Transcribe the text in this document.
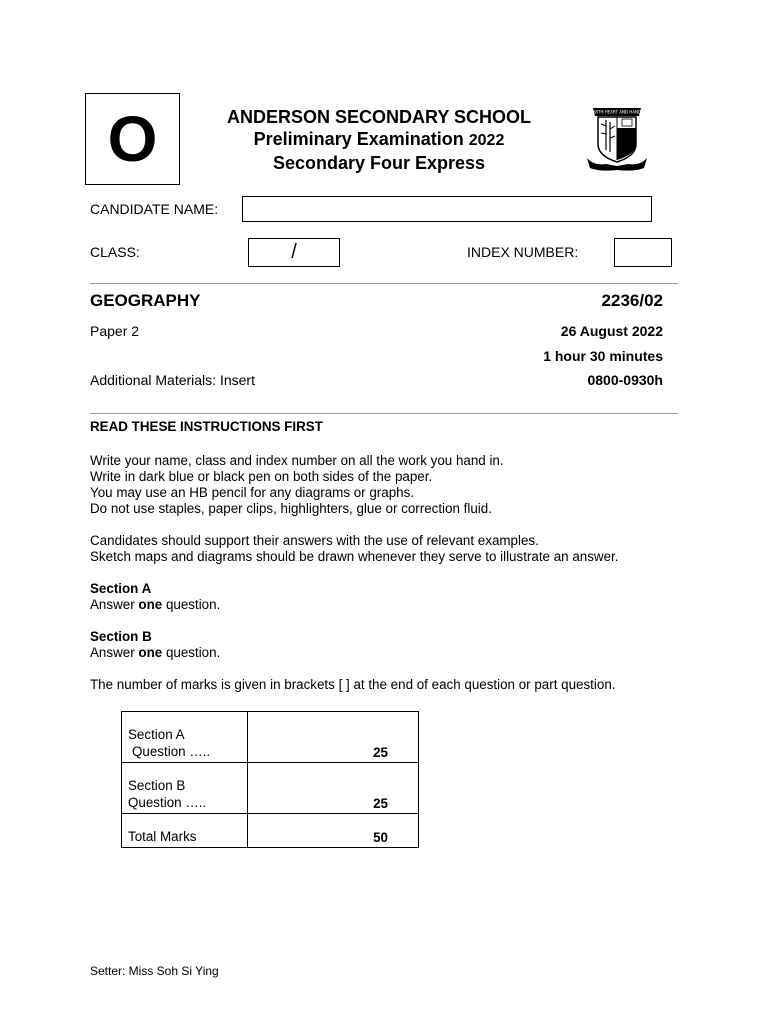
O	ANDERSON SECONDARY SCHOOL
Preliminary Examination 2022
Secondary Four Express
WITH HEART AND HAND
CANDIDATE NAME:
CLASS:	/	INDEX NUMBER:
GEOGRAPHY	2236/02
Paper 2	26 August 2022
1 hour 30 minutes
Additional Materials: Insert	0800-0930h
READ THESE INSTRUCTIONS FIRST

Write your name, class and index number on all the work you hand in.
Write in dark blue or black pen on both sides of the paper.
You may use an HB pencil for any diagrams or graphs.
Do not use staples, paper clips, highlighters, glue or correction fluid.

Candidates should support their answers with the use of relevant examples.
Sketch maps and diagrams should be drawn whenever they serve to illustrate an answer.

Section A
Answer one question.

Section B
Answer one question.

The number of marks is given in brackets [ ] at the end of each question or part question.

Section A
Question …..	25

Section B
Question …..	25
Total Marks	50
Setter: Miss Soh Si Ying
